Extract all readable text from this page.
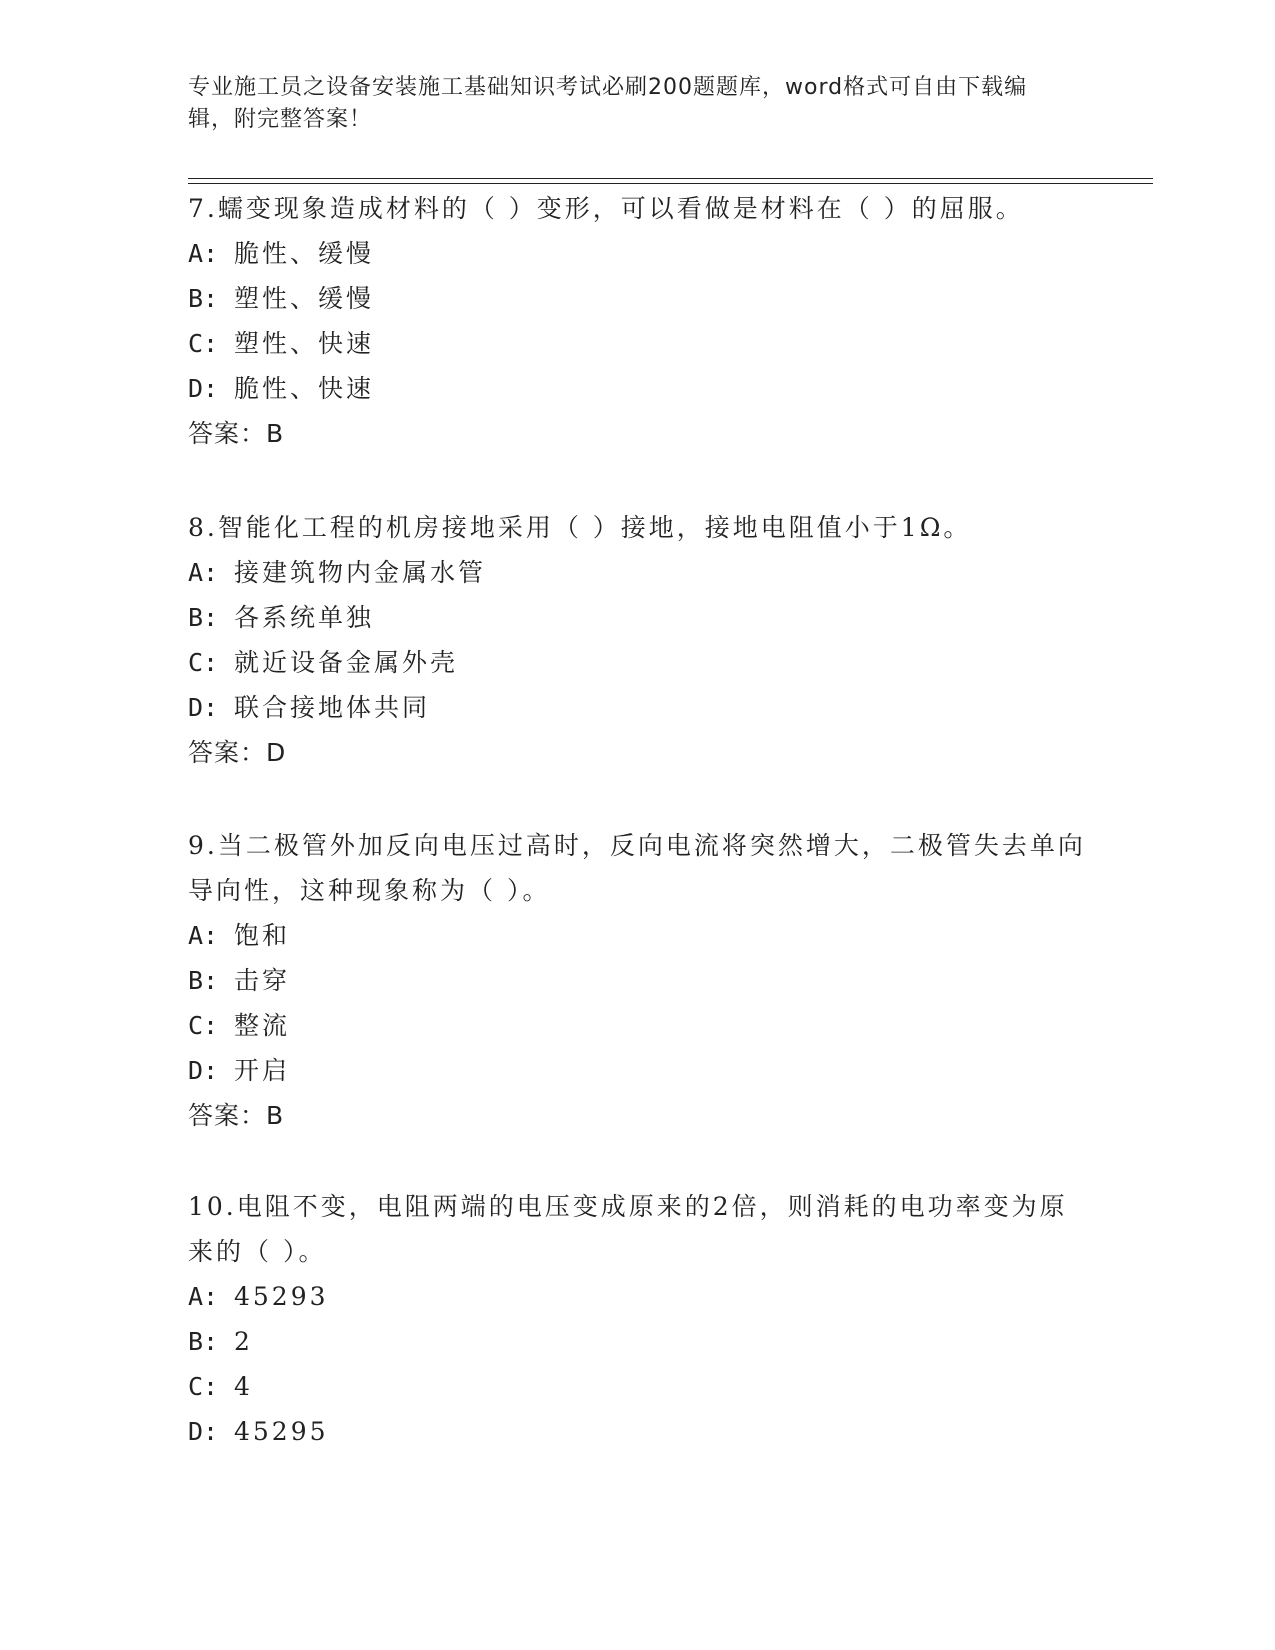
专业施工员之设备安装施工基础知识考试必刷200题题库，word格式可自由下载编辑，附完整答案！

7.蠕变现象造成材料的（ ）变形，可以看做是材料在（ ）的屈服。

A: 脆性、缓慢

B: 塑性、缓慢

C: 塑性、快速

D: 脆性、快速

答案：B

8.智能化工程的机房接地采用（ ）接地，接地电阻值小于1Ω。

A: 接建筑物内金属水管

B: 各系统单独

C: 就近设备金属外壳

D: 联合接地体共同

答案：D

9.当二极管外加反向电压过高时，反向电流将突然增大，二极管失去单向导向性，这种现象称为（ ）。

A: 饱和

B: 击穿

C: 整流

D: 开启

答案：B

10.电阻不变，电阻两端的电压变成原来的2倍，则消耗的电功率变为原来的（ ）。

A: 45293

B: 2

C: 4

D: 45295
